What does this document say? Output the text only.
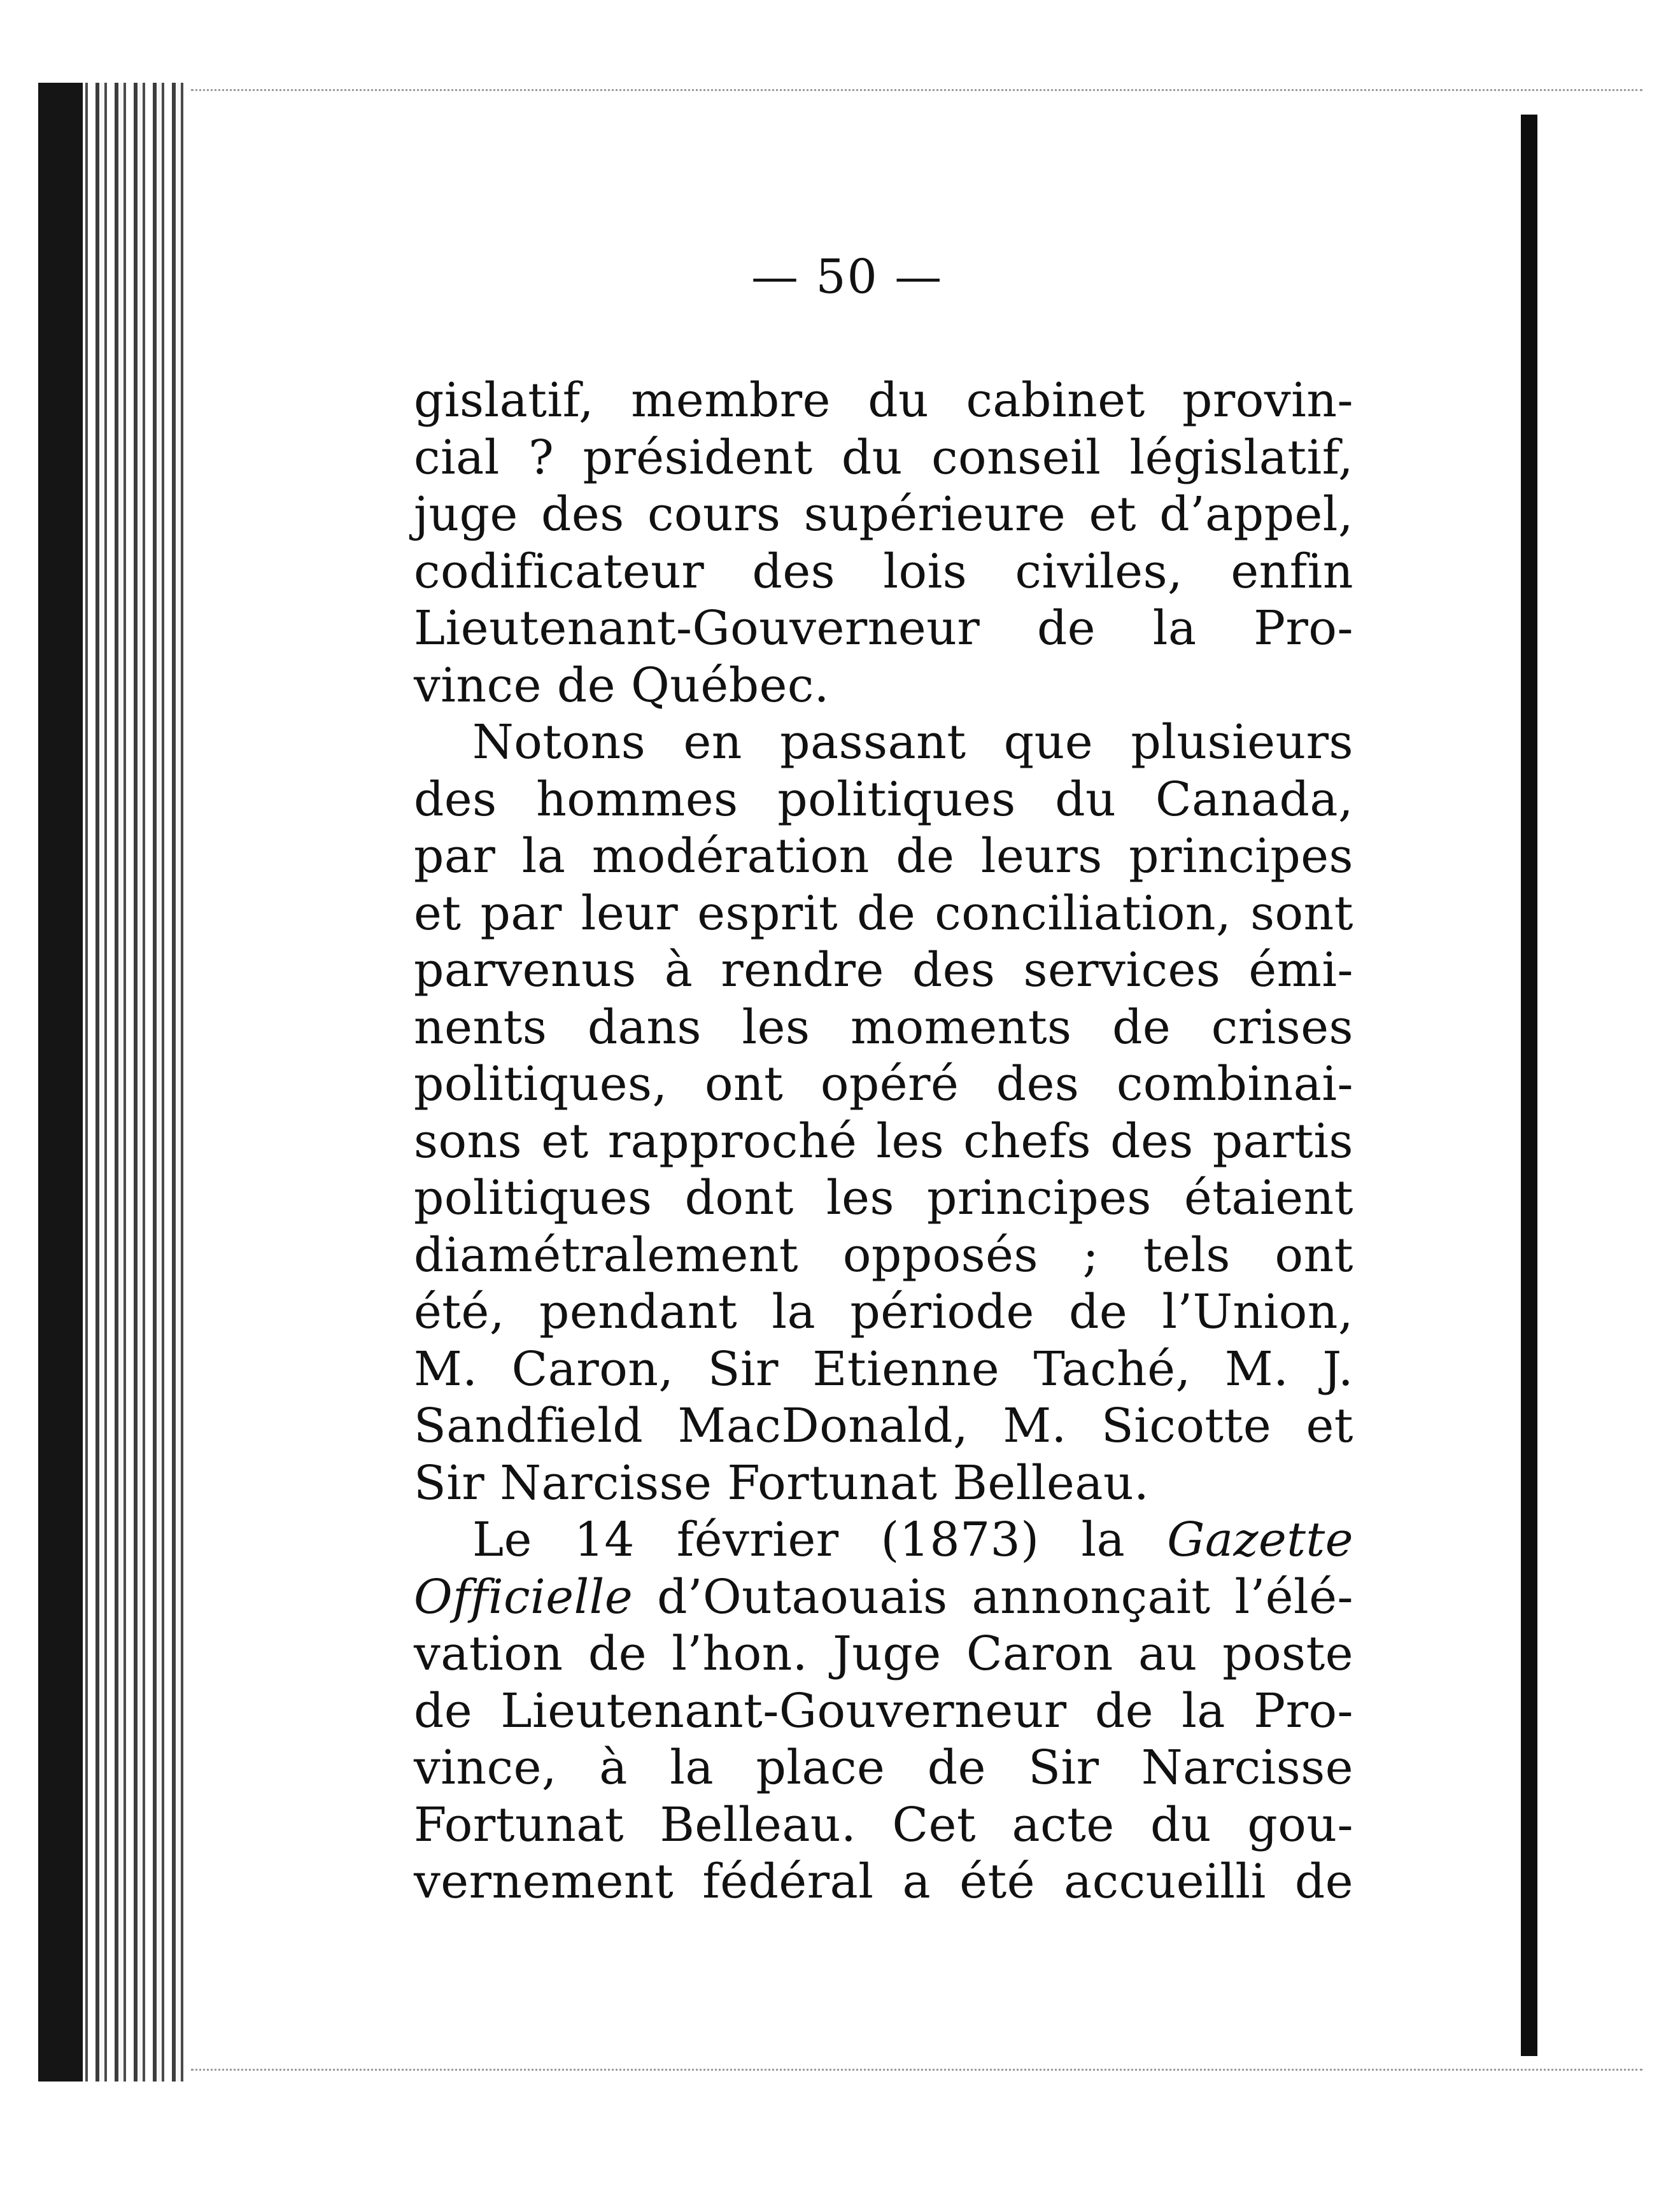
— 50 —
gislatif, membre du cabinet provin-
cial ? président du conseil législatif,
juge des cours supérieure et d’appel,
codificateur des lois civiles, enfin
Lieutenant-Gouverneur de la Pro-
vince de Québec.
Notons en passant que plusieurs
des hommes politiques du Canada,
par la modération de leurs principes
et par leur esprit de conciliation, sont
parvenus à rendre des services émi-
nents dans les moments de crises
politiques, ont opéré des combinai-
sons et rapproché les chefs des partis
politiques dont les principes étaient
diamétralement opposés ; tels ont
été, pendant la période de l’Union,
M. Caron, Sir Etienne Taché, M. J.
Sandfield MacDonald, M. Sicotte et
Sir Narcisse Fortunat Belleau.
Le 14 février (1873) la Gazette
Officielle d’Outaouais annonçait l’élé-
vation de l’hon. Juge Caron au poste
de Lieutenant-Gouverneur de la Pro-
vince, à la place de Sir Narcisse
Fortunat Belleau. Cet acte du gou-
vernement fédéral a été accueilli de
